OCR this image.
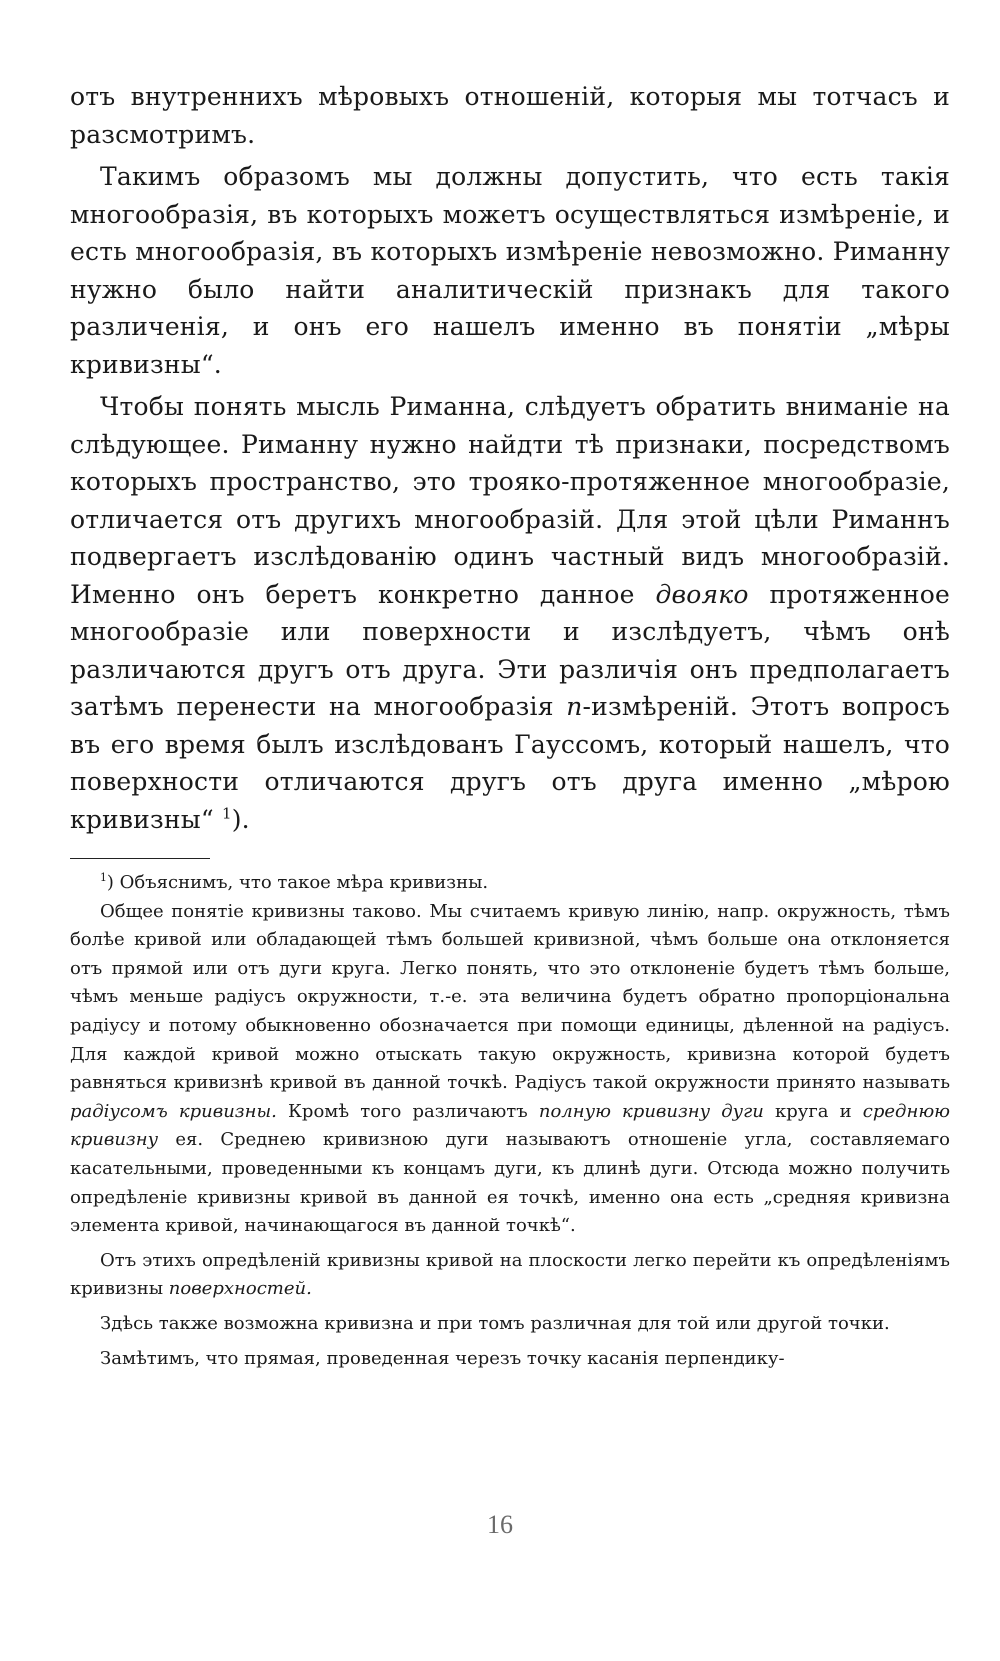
отъ внутреннихъ мѣровыхъ отношенiй, которыя мы тотчасъ и разсмотримъ.

Такимъ образомъ мы должны допустить, что есть такiя многообразiя, въ которыхъ можетъ осуществляться измѣренiе, и есть многообразiя, въ которыхъ измѣренiе невозможно. Риманну нужно было найти аналитическiй признакъ для такого различенiя, и онъ его нашелъ именно въ понятiи „мѣры кривизны“.

Чтобы понять мысль Риманна, слѣдуетъ обратить вниманiе на слѣдующее. Риманну нужно найдти тѣ признаки, посредствомъ которыхъ пространство, это трояко-протяженное многообразiе, отличается отъ другихъ многообразiй. Для этой цѣли Риманнъ подвергаетъ изслѣдованiю одинъ частный видъ многообразiй. Именно онъ беретъ конкретно данное двояко протяженное многообразiе или поверхности и изслѣдуетъ, чѣмъ онѣ различаются другъ отъ друга. Эти различiя онъ предполагаетъ затѣмъ перенести на многообразiя n-измѣренiй. Этотъ вопросъ въ его время былъ изслѣдованъ Гауссомъ, который нашелъ, что поверхности отличаются другъ отъ друга именно „мѣрою кривизны“ $^1$).

$^1$) Объяснимъ, что такое мѣра кривизны.

Общее понятiе кривизны таково. Мы считаемъ кривую линiю, напр. окружность, тѣмъ болѣе кривой или обладающей тѣмъ большей кривизной, чѣмъ больше она отклоняется отъ прямой или отъ дуги круга. Легко понять, что это отклоненiе будетъ тѣмъ больше, чѣмъ меньше радiусъ окружности, т.-е. эта величина будетъ обратно пропорцiональна радiусу и потому обыкновенно обозначается при помощи единицы, дѣленной на радiусъ. Для каждой кривой можно отыскать такую окружность, кривизна которой будетъ равняться кривизнѣ кривой въ данной точкѣ. Радiусъ такой окружности принято называть радiусомъ кривизны. Кромѣ того различаютъ полную кривизну дуги круга и среднюю кривизну ея. Среднею кривизною дуги называютъ отношенiе угла, составляемаго касательными, проведенными къ концамъ дуги, къ длинѣ дуги. Отсюда можно получить опредѣленiе кривизны кривой въ данной ея точкѣ, именно она есть „средняя кривизна элемента кривой, начинающагося въ данной точкѣ“.

Отъ этихъ опредѣленiй кривизны кривой на плоскости легко перейти къ опредѣленiямъ кривизны поверхностей.

Здѣсь также возможна кривизна и при томъ различная для той или другой точки.

Замѣтимъ, что прямая, проведенная черезъ точку касанiя перпендику-

16
